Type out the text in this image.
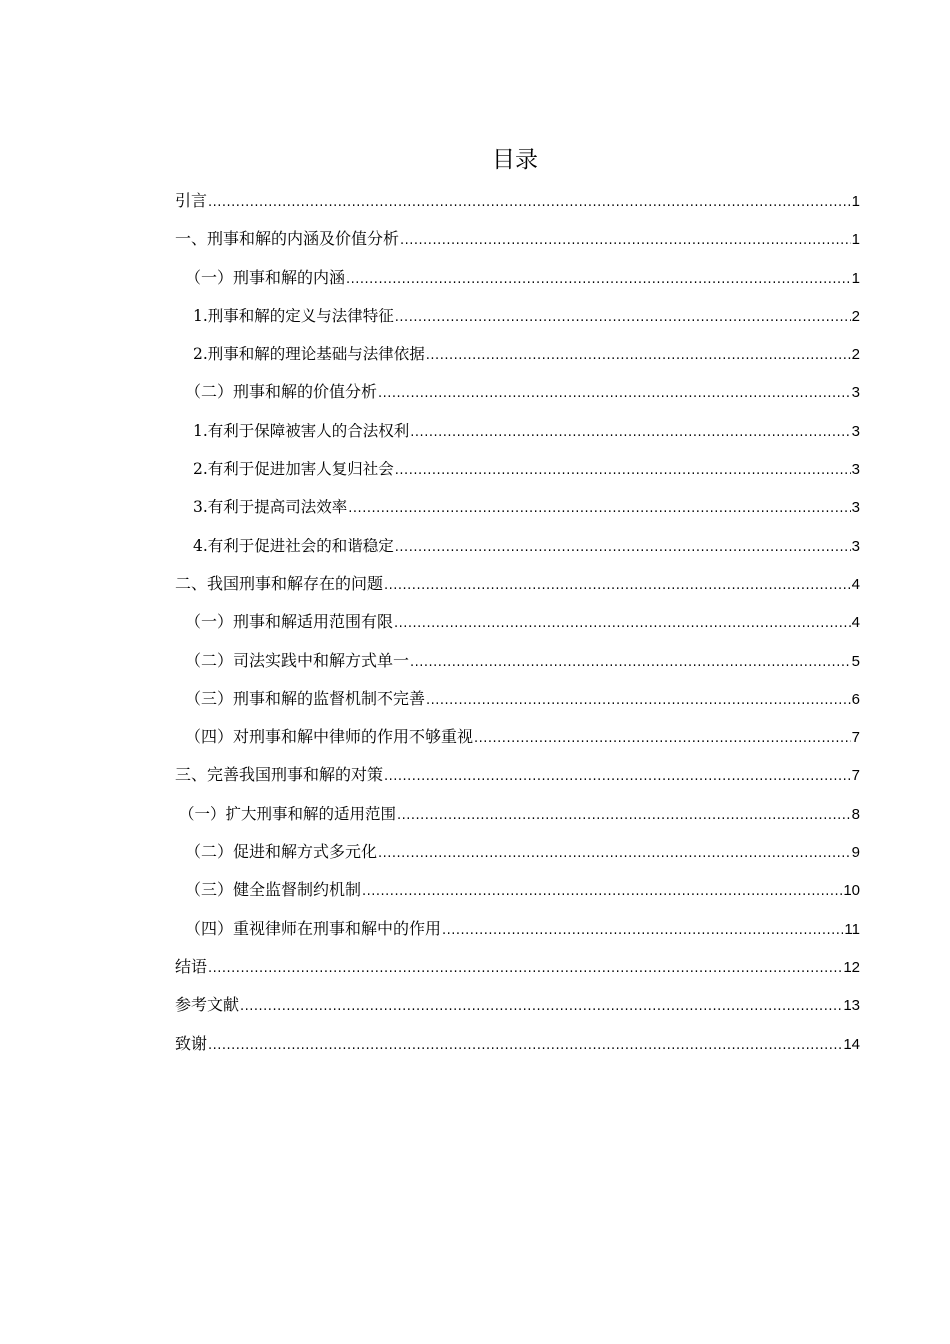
目录
引言 .....	1
一、刑事和解的内涵及价值分析 .....	1
（一）刑事和解的内涵 .....	1
1.刑事和解的定义与法律特征 .....	2
2.刑事和解的理论基础与法律依据 .....	2
（二）刑事和解的价值分析 .....	3
1.有利于保障被害人的合法权利 .....	3
2.有利于促进加害人复归社会 .....	3
3.有利于提高司法效率 .....	3
4.有利于促进社会的和谐稳定 .....	3
二、我国刑事和解存在的问题 .....	4
（一）刑事和解适用范围有限 .....	4
（二）司法实践中和解方式单一 .....	5
（三）刑事和解的监督机制不完善 .....	6
（四）对刑事和解中律师的作用不够重视 .....	7
三、完善我国刑事和解的对策 .....	7
（一）扩大刑事和解的适用范围 .....	8
（二）促进和解方式多元化 .....	9
（三）健全监督制约机制 .....	10
（四）重视律师在刑事和解中的作用 .....	11
结语 .....	12
参考文献 .....	13
致谢 .....	14
